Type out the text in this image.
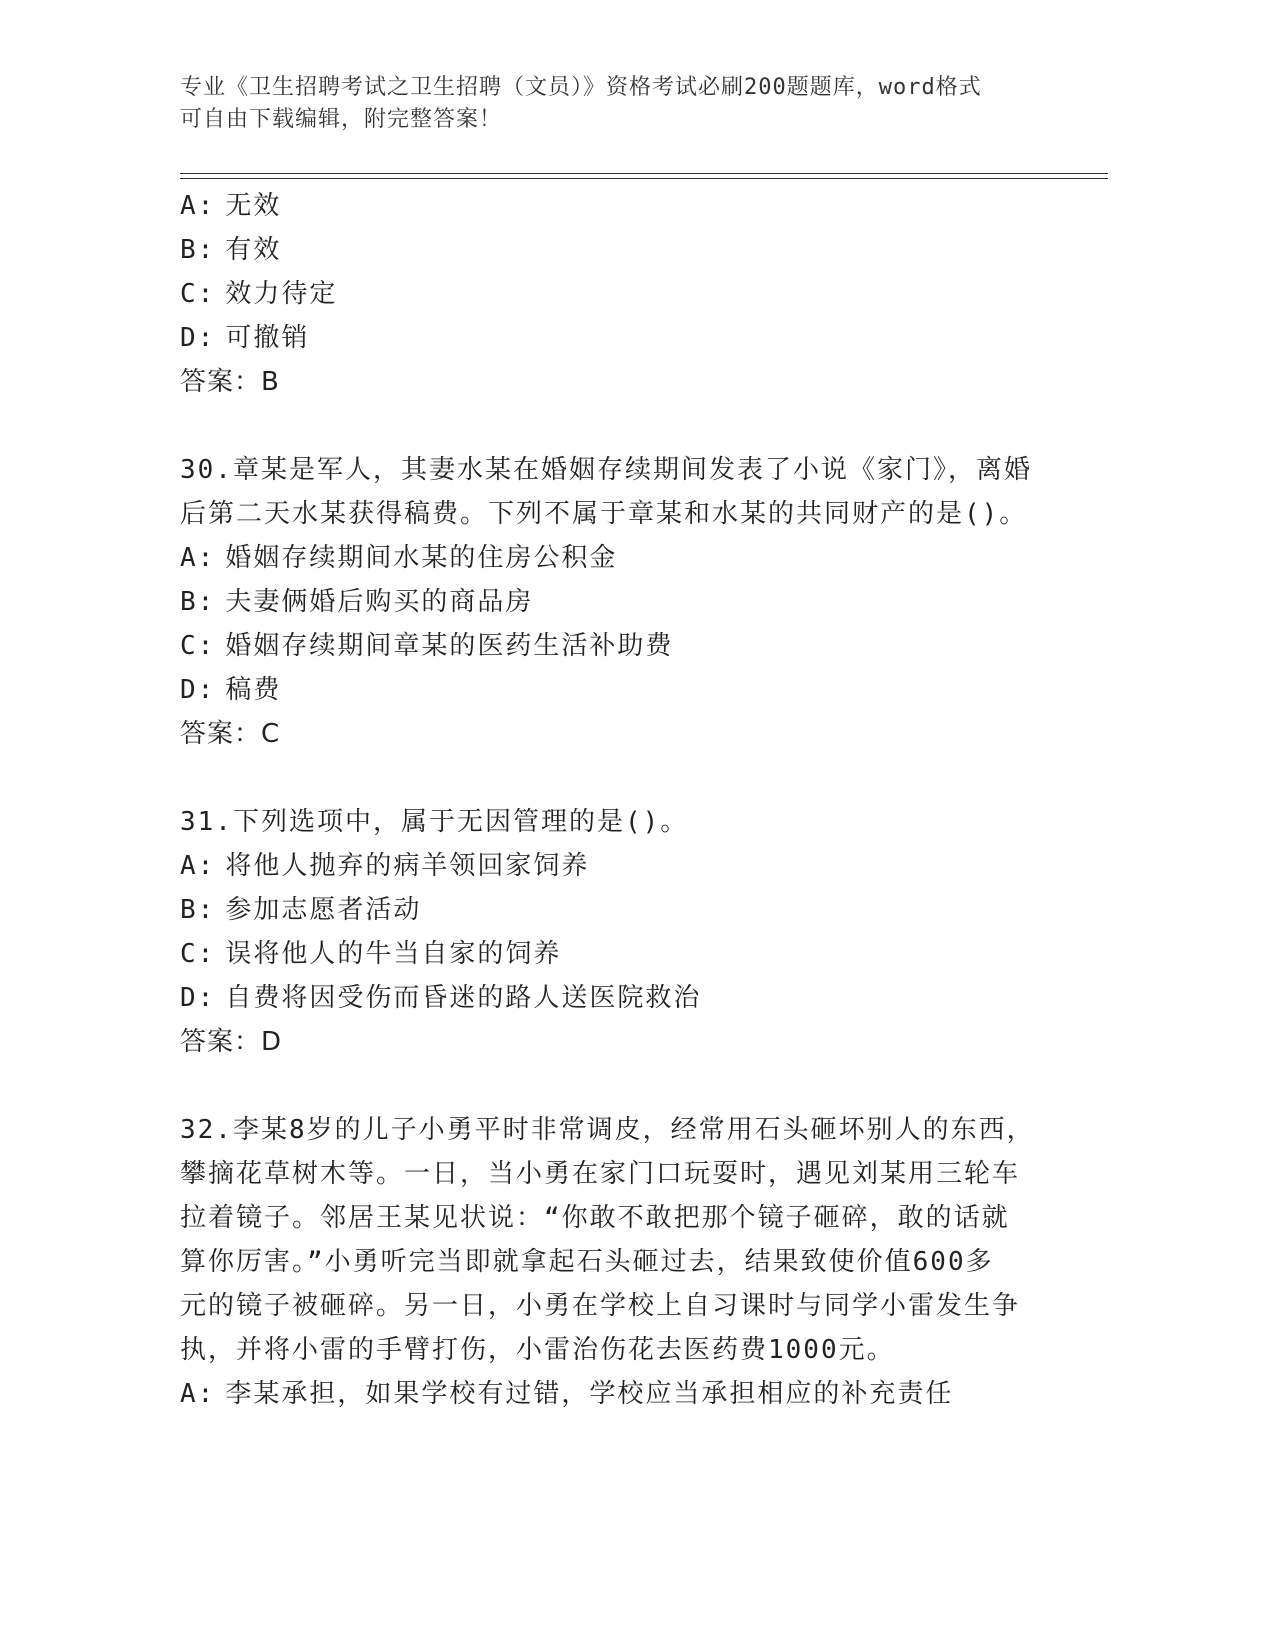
专业《卫生招聘考试之卫生招聘（文员）》资格考试必刷200题题库，word格式
可自由下载编辑，附完整答案！
A: 无效
B: 有效
C: 效力待定
D: 可撤销
答案：B
30.章某是军人，其妻水某在婚姻存续期间发表了小说《家门》，离婚
后第二天水某获得稿费。下列不属于章某和水某的共同财产的是()。
A: 婚姻存续期间水某的住房公积金
B: 夫妻俩婚后购买的商品房
C: 婚姻存续期间章某的医药生活补助费
D: 稿费
答案：C
31.下列选项中，属于无因管理的是()。
A: 将他人抛弃的病羊领回家饲养
B: 参加志愿者活动
C: 误将他人的牛当自家的饲养
D: 自费将因受伤而昏迷的路人送医院救治
答案：D
32.李某8岁的儿子小勇平时非常调皮，经常用石头砸坏别人的东西，
攀摘花草树木等。一日，当小勇在家门口玩耍时，遇见刘某用三轮车
拉着镜子。邻居王某见状说：“你敢不敢把那个镜子砸碎，敢的话就
算你厉害。”小勇听完当即就拿起石头砸过去，结果致使价值600多
元的镜子被砸碎。另一日，小勇在学校上自习课时与同学小雷发生争
执，并将小雷的手臂打伤，小雷治伤花去医药费1000元。
A: 李某承担，如果学校有过错，学校应当承担相应的补充责任
